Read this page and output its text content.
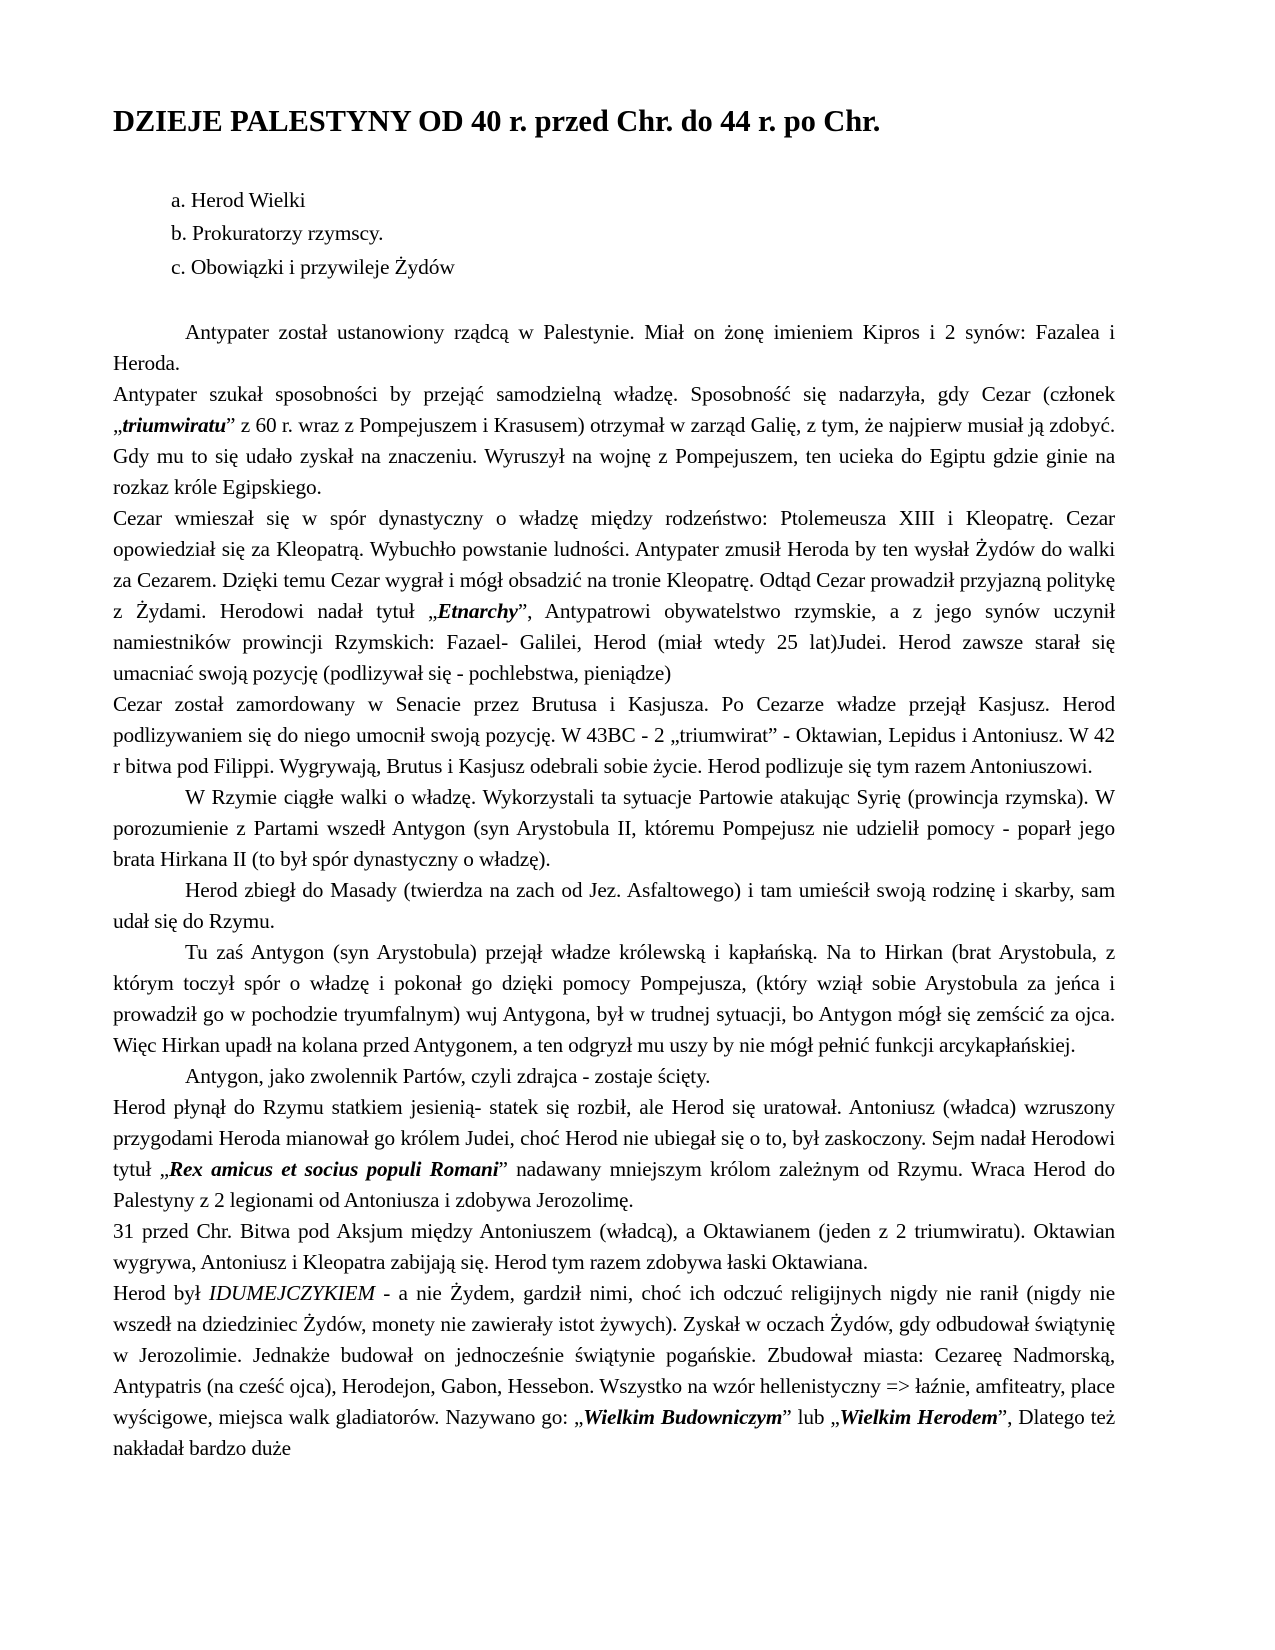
DZIEJE PALESTYNY OD 40 r. przed Chr. do 44 r. po Chr.
a. Herod Wielki
b. Prokuratorzy rzymscy.
c. Obowiązki i przywileje Żydów

Antypater został ustanowiony rządcą w Palestynie. Miał on żonę imieniem Kipros i 2 synów: Fazalea i Heroda.

Antypater szukał sposobności by przejąć samodzielną władzę. Sposobność się nadarzyła, gdy Cezar (członek „triumwiratu” z 60 r. wraz z Pompejuszem i Krasusem) otrzymał w zarząd Galię, z tym, że najpierw musiał ją zdobyć. Gdy mu to się udało zyskał na znaczeniu. Wyruszył na wojnę z Pompejuszem, ten ucieka do Egiptu gdzie ginie na rozkaz króle Egipskiego.

Cezar wmieszał się w spór dynastyczny o władzę między rodzeństwo: Ptolemeusza XIII i Kleopatrę. Cezar opowiedział się za Kleopatrą. Wybuchło powstanie ludności. Antypater zmusił Heroda by ten wysłał Żydów do walki za Cezarem. Dzięki temu Cezar wygrał i mógł obsadzić na tronie Kleopatrę. Odtąd Cezar prowadził przyjazną politykę z Żydami. Herodowi nadał tytuł „Etnarchy”, Antypatrowi obywatelstwo rzymskie, a z jego synów uczynił namiestników prowincji Rzymskich: Fazael- Galilei, Herod (miał wtedy 25 lat)Judei. Herod zawsze starał się umacniać swoją pozycję (podlizywał się - pochlebstwa, pieniądze)

Cezar został zamordowany w Senacie przez Brutusa i Kasjusza. Po Cezarze władze przejął Kasjusz. Herod podlizywaniem się do niego umocnił swoją pozycję. W 43BC - 2 „triumwirat” - Oktawian, Lepidus i Antoniusz. W 42 r bitwa pod Filippi. Wygrywają, Brutus i Kasjusz odebrali sobie życie. Herod podlizuje się tym razem Antoniuszowi.

W Rzymie ciągłe walki o władzę. Wykorzystali ta sytuacje Partowie atakując Syrię (prowincja rzymska). W porozumienie z Partami wszedł Antygon (syn Arystobula II, któremu Pompejusz nie udzielił pomocy - poparł jego brata Hirkana II (to był spór dynastyczny o władzę).

Herod zbiegł do Masady (twierdza na zach od Jez. Asfaltowego) i tam umieścił swoją rodzinę i skarby, sam udał się do Rzymu.

Tu zaś Antygon (syn Arystobula) przejął władze królewską i kapłańską. Na to Hirkan (brat Arystobula, z którym toczył spór o władzę i pokonał go dzięki pomocy Pompejusza, (który wziął sobie Arystobula za jeńca i prowadził go w pochodzie tryumfalnym) wuj Antygona, był w trudnej sytuacji, bo Antygon mógł się zemścić za ojca. Więc Hirkan upadł na kolana przed Antygonem, a ten odgryzł mu uszy by nie mógł pełnić funkcji arcykapłańskiej.

Antygon, jako zwolennik Partów, czyli zdrajca - zostaje ścięty.

Herod płynął do Rzymu statkiem jesienią- statek się rozbił, ale Herod się uratował. Antoniusz (władca) wzruszony przygodami Heroda mianował go królem Judei, choć Herod nie ubiegał się o to, był zaskoczony. Sejm nadał Herodowi tytuł „Rex amicus et socius populi Romani” nadawany mniejszym królom zależnym od Rzymu. Wraca Herod do Palestyny z 2 legionami od Antoniusza i zdobywa Jerozolimę.

31 przed Chr. Bitwa pod Aksjum między Antoniuszem (władcą), a Oktawianem (jeden z 2 triumwiratu). Oktawian wygrywa, Antoniusz i Kleopatra zabijają się. Herod tym razem zdobywa łaski Oktawiana.

Herod był IDUMEJCZYKIEM - a nie Żydem, gardził nimi, choć ich odczuć religijnych nigdy nie ranił (nigdy nie wszedł na dziedziniec Żydów, monety nie zawierały istot żywych). Zyskał w oczach Żydów, gdy odbudował świątynię w Jerozolimie. Jednakże budował on jednocześnie świątynie pogańskie. Zbudował miasta: Cezareę Nadmorską, Antypatris (na cześć ojca), Herodejon, Gabon, Hessebon. Wszystko na wzór hellenistyczny => łaźnie, amfiteatry, place wyścigowe, miejsca walk gladiatorów. Nazywano go: „Wielkim Budowniczym” lub „Wielkim Herodem”, Dlatego też nakładał bardzo duże
